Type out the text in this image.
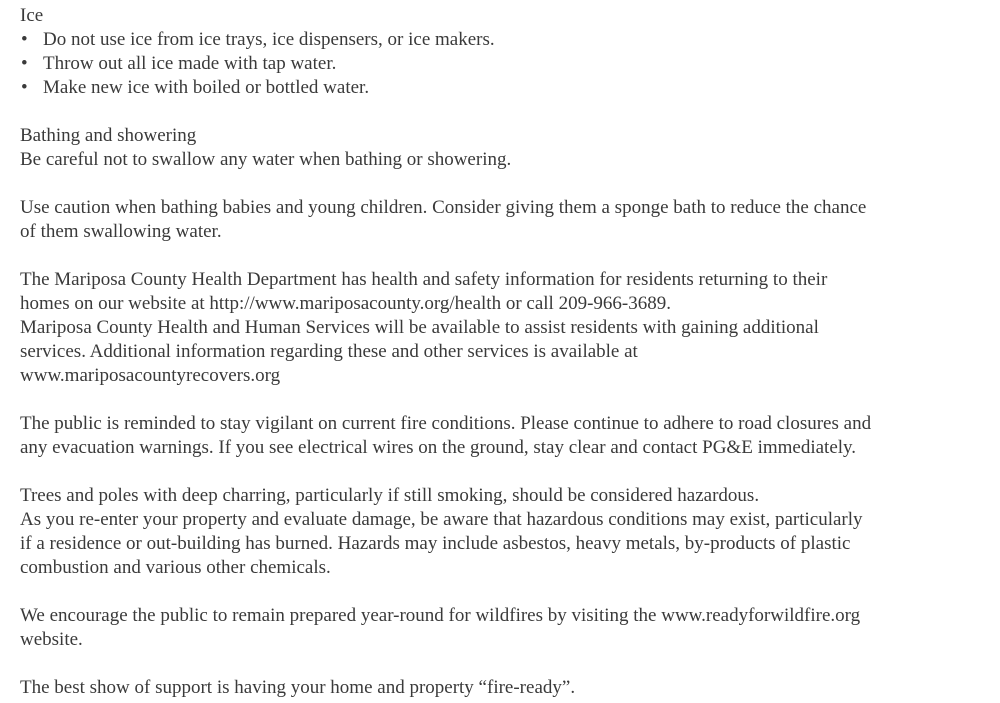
Ice
• Do not use ice from ice trays, ice dispensers, or ice makers.
• Throw out all ice made with tap water.
• Make new ice with boiled or bottled water.
Bathing and showering
Be careful not to swallow any water when bathing or showering.
Use caution when bathing babies and young children. Consider giving them a sponge bath to reduce the chance
of them swallowing water.
The Mariposa County Health Department has health and safety information for residents returning to their
homes on our website at http://www.mariposacounty.org/health or call 209-966-3689.
Mariposa County Health and Human Services will be available to assist residents with gaining additional
services. Additional information regarding these and other services is available at
www.mariposacountyrecovers.org
The public is reminded to stay vigilant on current fire conditions. Please continue to adhere to road closures and
any evacuation warnings. If you see electrical wires on the ground, stay clear and contact PG&E immediately.
Trees and poles with deep charring, particularly if still smoking, should be considered hazardous.
As you re-enter your property and evaluate damage, be aware that hazardous conditions may exist, particularly
if a residence or out-building has burned. Hazards may include asbestos, heavy metals, by-products of plastic
combustion and various other chemicals.
We encourage the public to remain prepared year-round for wildfires by visiting the www.readyforwildfire.org
website.
The best show of support is having your home and property “fire-ready”.
